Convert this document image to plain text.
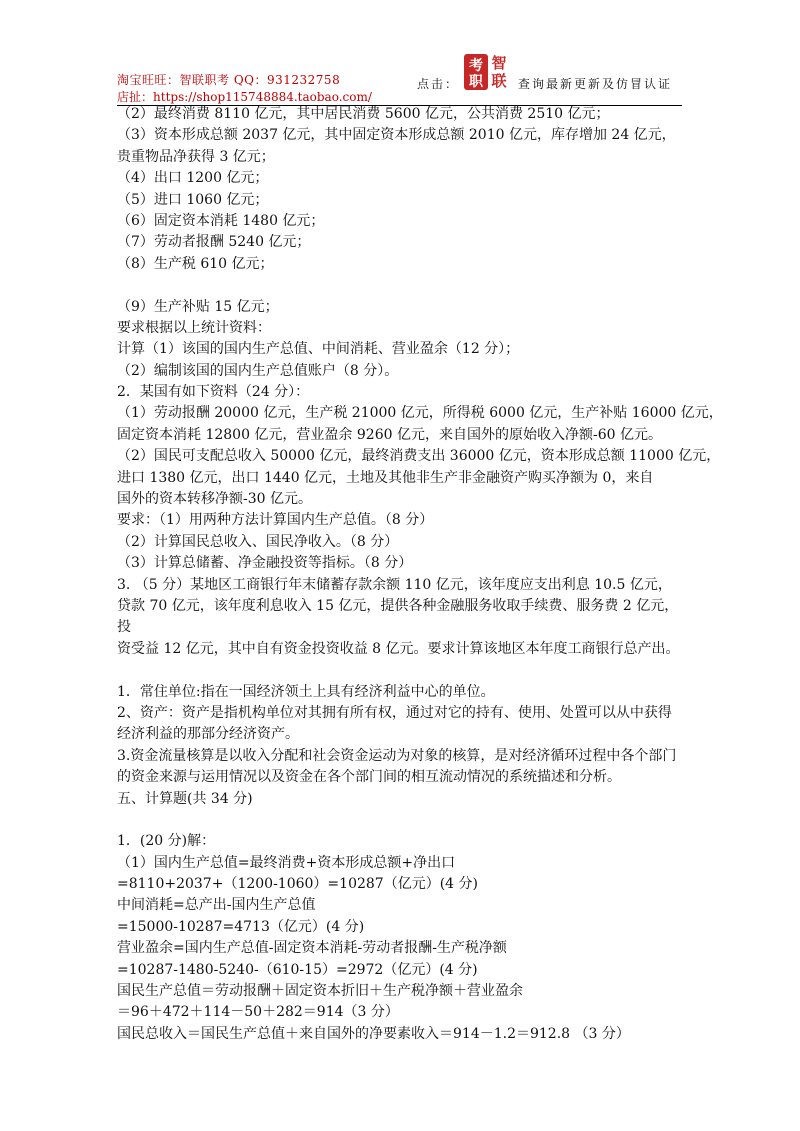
淘宝旺旺：智联职考 QQ：931232758
店扯：https://shop115748884.taobao.com/
点击：
考 智
职 联 查询最新更新及仿冒认证
（2）最终消费 8110 亿元，其中居民消费 5600 亿元，公共消费 2510 亿元；
（3）资本形成总额 2037 亿元，其中固定资本形成总额 2010 亿元，库存增加 24 亿元，
贵重物品净获得 3 亿元；
（4）出口 1200 亿元；
（5）进口 1060 亿元；
（6）固定资本消耗 1480 亿元；
（7）劳动者报酬 5240 亿元；
（8）生产税 610 亿元；
（9）生产补贴 15 亿元；
要求根据以上统计资料：
计算（1）该国的国内生产总值、中间消耗、营业盈余（12 分）；
（2）编制该国的国内生产总值账户（8 分）。
2．某国有如下资料（24 分）：
（1）劳动报酬 20000 亿元，生产税 21000 亿元，所得税 6000 亿元，生产补贴 16000 亿元，
固定资本消耗 12800 亿元，营业盈余 9260 亿元，来自国外的原始收入净额-60 亿元。
（2）国民可支配总收入 50000 亿元，最终消费支出 36000 亿元，资本形成总额 11000 亿元，
进口 1380 亿元，出口 1440 亿元，土地及其他非生产非金融资产购买净额为 0，来自
国外的资本转移净额-30 亿元。
要求：（1）用两种方法计算国内生产总值。（8 分）
（2）计算国民总收入、国民净收入。（8 分）
（3）计算总储蓄、净金融投资等指标。（8 分）
3. （5 分）某地区工商银行年末储蓄存款余额 110 亿元，该年度应支出利息 10.5 亿元，
贷款 70 亿元，该年度利息收入 15 亿元，提供各种金融服务收取手续费、服务费 2 亿元，
投
资受益 12 亿元，其中自有资金投资收益 8 亿元。要求计算该地区本年度工商银行总产出。
1．常住单位:指在一国经济领土上具有经济利益中心的单位。
2、资产：资产是指机构单位对其拥有所有权，通过对它的持有、使用、处置可以从中获得
经济利益的那部分经济资产。
3.资金流量核算是以收入分配和社会资金运动为对象的核算，是对经济循环过程中各个部门
的资金来源与运用情况以及资金在各个部门间的相互流动情况的系统描述和分析。
五、计算题(共 34 分)
1．(20 分)解：
（1）国内生产总值=最终消费+资本形成总额+净出口
=8110+2037+（1200-1060）=10287（亿元）(4 分)
中间消耗=总产出-国内生产总值
=15000-10287=4713（亿元）(4 分)
营业盈余=国内生产总值-固定资本消耗-劳动者报酬-生产税净额
=10287-1480-5240-（610-15）=2972（亿元）(4 分)
国民生产总值＝劳动报酬＋固定资本折旧＋生产税净额＋营业盈余
＝96＋472＋114－50＋282＝914（3 分）
国民总收入＝国民生产总值＋来自国外的净要素收入＝914－1.2＝912.8 （3 分）
